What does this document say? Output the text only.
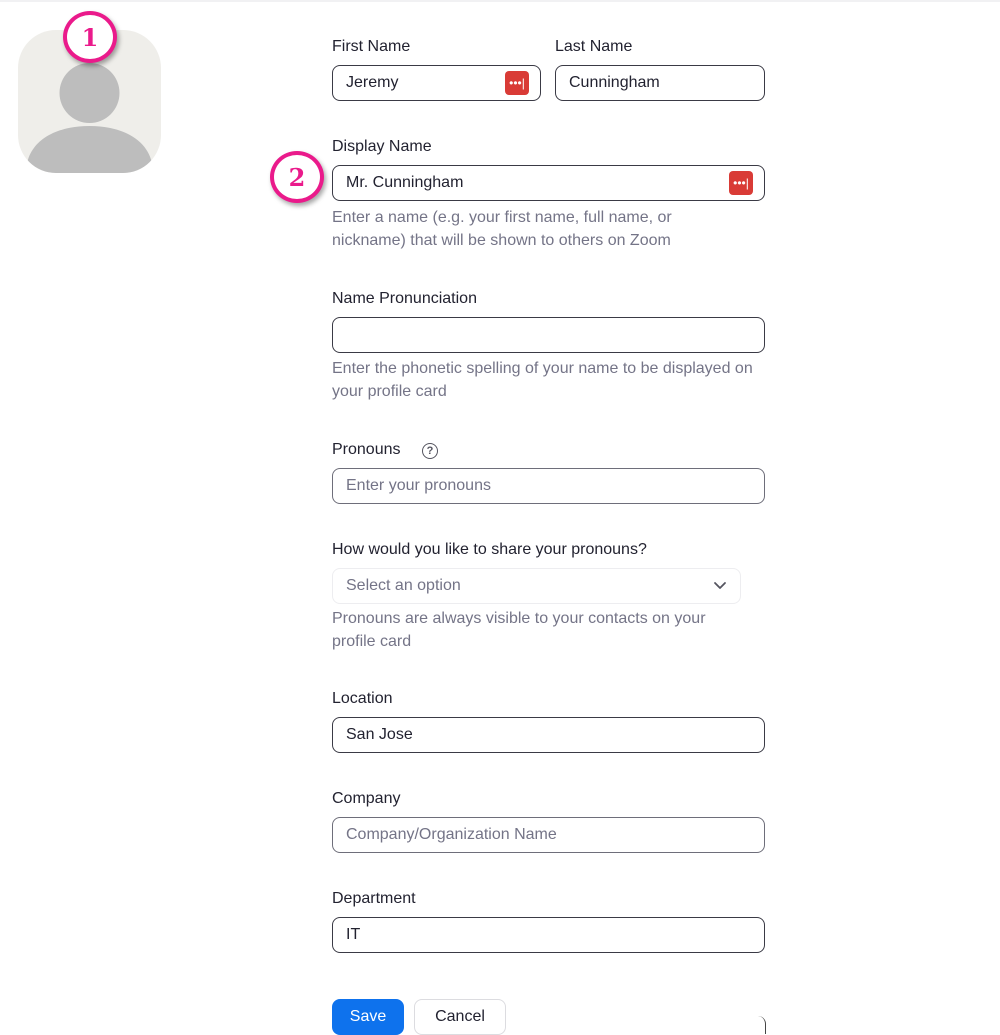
1
2
First Name
Jeremy	•••|
Last Name
Cunningham
Display Name
Mr. Cunningham	•••|
Enter a name (e.g. your first name, full name, or nickname) that will be shown to others on Zoom
Name Pronunciation
Enter the phonetic spelling of your name to be displayed on your profile card
Pronouns	?
Enter your pronouns
How would you like to share your pronouns?
Select an option
Pronouns are always visible to your contacts on your profile card
Location
San Jose
Company
Company/Organization Name
Department
IT
Save	Cancel
